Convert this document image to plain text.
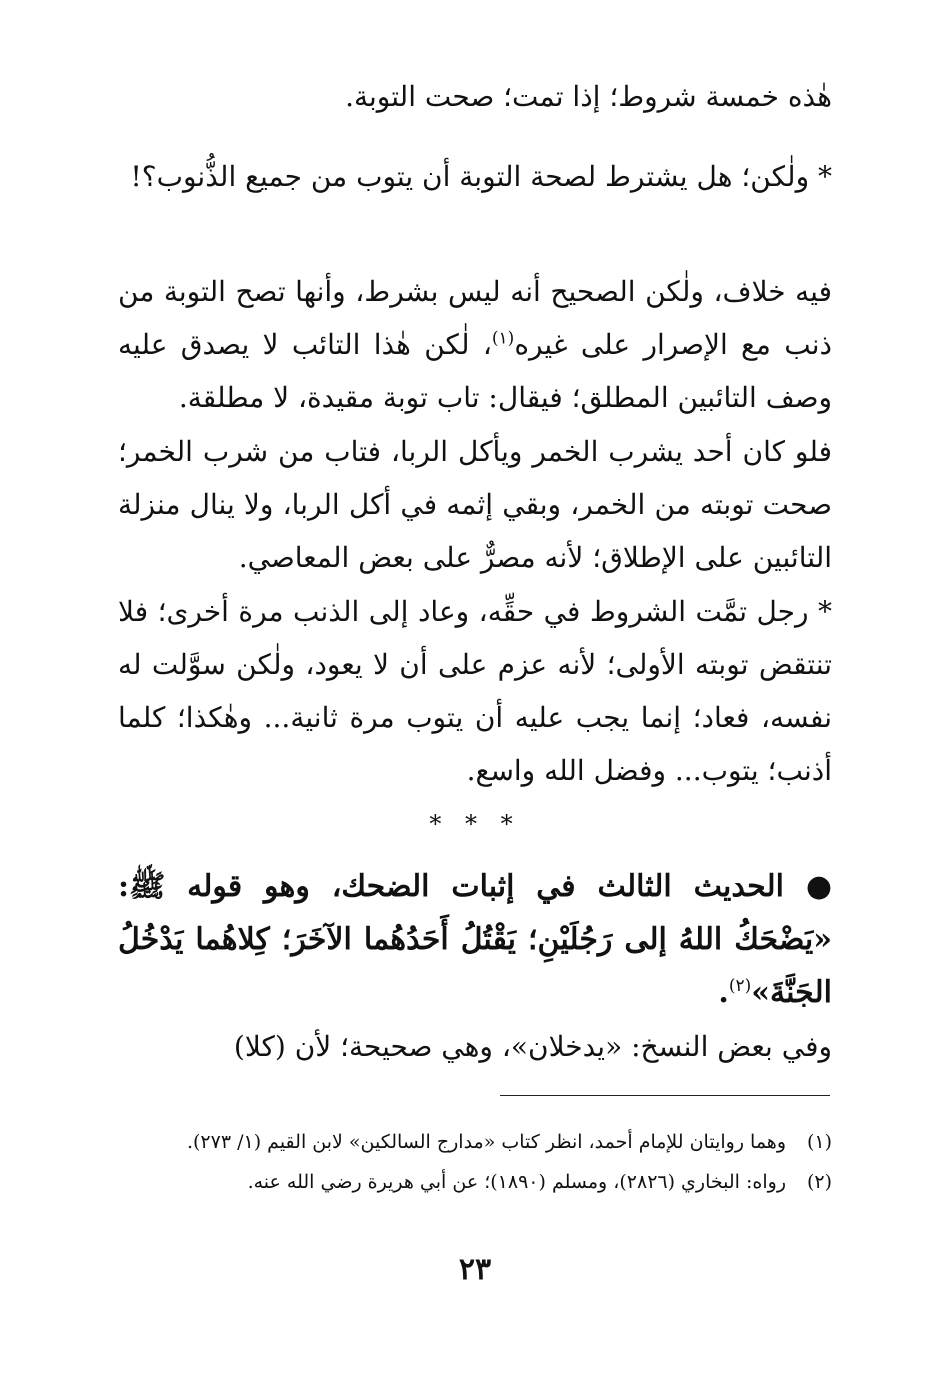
هٰذه خمسة شروط؛ إذا تمت؛ صحت التوبة.

* ولٰكن؛ هل يشترط لصحة التوبة أن يتوب من جميع الذُّنوب؟!

فيه خلاف، ولٰكن الصحيح أنه ليس بشرط، وأنها تصح التوبة من ذنب مع الإصرار على غيره$^{(١)}$، لٰكن هٰذا التائب لا يصدق عليه وصف التائبين المطلق؛ فيقال: تاب توبة مقيدة، لا مطلقة.

فلو كان أحد يشرب الخمر ويأكل الربا، فتاب من شرب الخمر؛ صحت توبته من الخمر، وبقي إثمه في أكل الربا، ولا ينال منزلة التائبين على الإطلاق؛ لأنه مصرٌّ على بعض المعاصي.

* رجل تمَّت الشروط في حقِّه، وعاد إلى الذنب مرة أخرى؛ فلا تنتقض توبته الأولى؛ لأنه عزم على أن لا يعود، ولٰكن سوَّلت له نفسه، فعاد؛ إنما يجب عليه أن يتوب مرة ثانية... وهٰكذا؛ كلما أذنب؛ يتوب... وفضل الله واسع.

* * *

● الحديث الثالث في إثبات الضحك، وهو قوله ﷺ: «يَضْحَكُ اللهُ إلى رَجُلَيْنِ؛ يَقْتُلُ أَحَدُهُما الآخَرَ؛ كِلاهُما يَدْخُلُ الجَنَّةَ»$^{(٢)}$.

وفي بعض النسخ: «يدخلان»، وهي صحيحة؛ لأن (كلا)

(١)وهما روايتان للإمام أحمد، انظر كتاب «مدارج السالكين» لابن القيم (١/ ٢٧٣).

(٢)رواه: البخاري (٢٨٢٦)، ومسلم (١٨٩٠)؛ عن أبي هريرة رضي الله عنه.

٢٣
